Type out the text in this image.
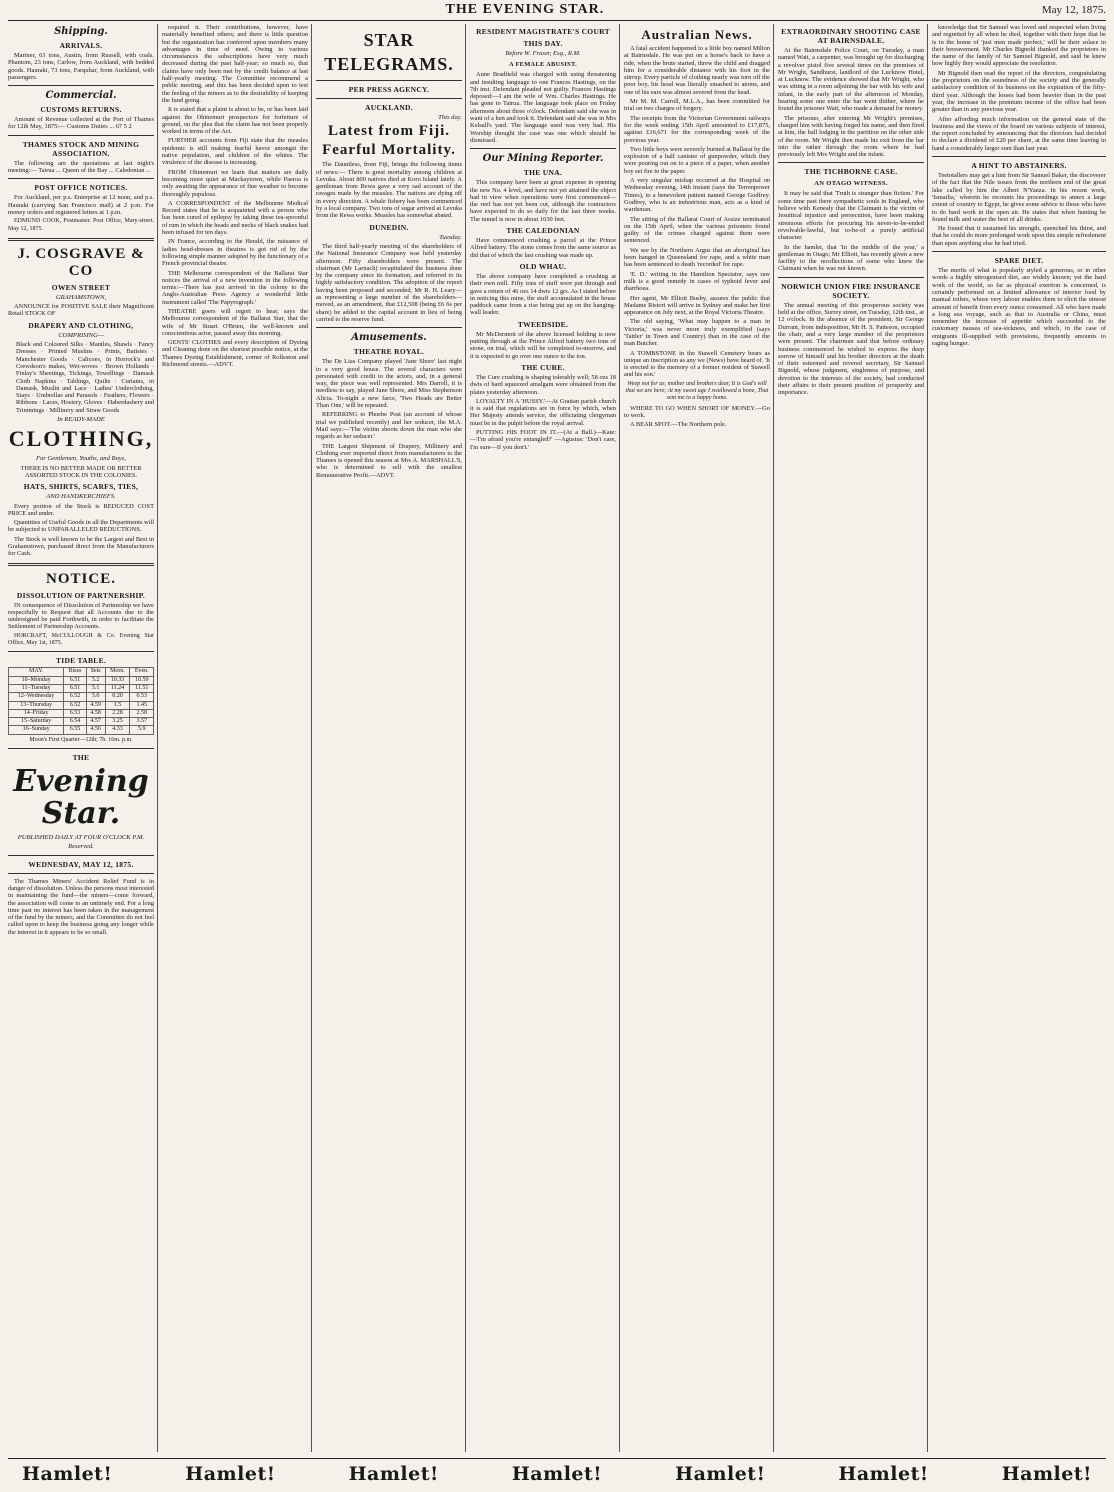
THE EVENING STAR.	May 12, 1875.
Shipping.
ARRIVALS.

Mariner, 63 tons, Austin, from Russell, with coals. Phantom, 23 tons, Carlow, from Auckland, with bedded goods. Hauraki, 73 tons, Farquhar, from Auckland, with passengers.

Commercial.
CUSTOMS RETURNS.

Amount of Revenue collected at the Port of Thames for 12th May, 1875:— Customs Duties ... 67 5 2

THAMES STOCK AND MINING ASSOCIATION.

The following are the quotations at last night's meeting:— Tairua ... Queen of the Bay ... Caledonian ...

POST OFFICE NOTICES.

For Auckland, per p.s. Enterprise at 12 noon, and p.s. Hauraki (carrying San Francisco mail) at 2 p.m. For money orders and registered letters at 1 p.m.

EDMUND COOK, Postmaster. Post Office, Mary-street. May 12, 1875.

J. COSGRAVE & CO
OWEN STREET
GRAHAMSTOWN,

ANNOUNCE for POSITIVE SALE their Magnificent Retail STOCK OF

DRAPERY AND CLOTHING,
COMPRISING—

Black and Coloured Silks · Mantles, Shawls · Fancy Dresses · Printed Muslins · Prints, Batistes · Manchester Goods · Calicoes, in Horrock's and Crewdson's makes, Wet-woves · Brown Hollands · Finlay's Sheetings, Tickings, Towellings · Damask Cloth Napkins · Tablings, Quilts · Curtains, in Damask, Muslin and Lace · Ladies' Underclothing, Stays · Umbrellas and Parasols · Feathers, Flowers · Ribbons · Laces, Hosiery, Gloves · Haberdashery and Trimmings · Millinery and Straw Goods

In READY-MADE
CLOTHING,
For Gentlemen, Youths, and Boys,

THERE IS NO BETTER MADE OR BETTER ASSORTED STOCK IN THE COLONIES.

HATS, SHIRTS, SCARFS, TIES,
AND HANDKERCHIEFS.

Every portion of the Stock is REDUCED COST PRICE and under.

Quantities of Useful Goods in all the Departments will be subjected to UNPARALLELED REDUCTIONS.

The Stock is well known to be the Largest and Best in Grahamstown, purchased direct from the Manufacturers for Cash.

NOTICE.
DISSOLUTION OF PARTNERSHIP.

IN consequence of Dissolution of Partnership we have respectfully to Request that all Accounts due to the undersigned be paid Forthwith, in order to facilitate the Settlement of Partnership Accounts.

HORCRAFT, McCULLOUGH & Co. Evening Star Office, May 1st, 1875.

TIDE TABLE.
MAY.	Rises	Sets	Morn.	Even.
10–Monday	6.51	5.2	10.33	10.59
11–Tuesday	6.51	5.1	11.24	11.51
12–Wednesday	6.52	5.0	0.20	0.53
13–Thursday	6.52	4.59	1.5	1.45
14–Friday	6.53	4.58	2.28	2.58
15–Saturday	6.54	4.57	3.25	3.57
16–Sunday	6.55	4.56	4.33	5.9

Moon's First Quarter—12th; 7h. 16m. p.m.

THE
Evening Star.
PUBLISHED DAILY AT FOUR O'CLOCK P.M.
Reserved.
WEDNESDAY, MAY 12, 1875.

The Thames Miners' Accident Relief Fund is in danger of dissolution. Unless the persons most interested in maintaining the fund—the miners—come forward, the association will come to an untimely end. For a long time past no interest has been taken in the management of the fund by the miners, and the Committee do not feel called upon to keep the business going any longer while the interest in it appears to be so small.

required it. Their contributions, however, have materially benefited others; and there is little question but the organization has conferred upon members many advantages in time of need. Owing to various circumstances the subscriptions have very much decreased during the past half-year; so much so, that claims have only been met by the credit balance at last half-yearly meeting. The Committee recommend a public meeting, and this has been decided upon to test the feeling of the miners as to the desirability of keeping the fund going.

It is stated that a plaint is about to be, or has been laid against the Ohinemuri prospectors for forfeiture of ground, on the plea that the claim has not been properly worked in terms of the Act.

FURTHER accounts from Fiji state that the measles epidemic is still making fearful havoc amongst the native population, and children of the whites. The virulence of the disease is increasing.

FROM Ohinemuri we learn that matters are daily becoming more quiet at Mackaytown, while Paeroa is only awaiting the appearance of fine weather to become thoroughly populous.

A CORRESPONDENT of the Melbourne Medical Record states that he is acquainted with a person who has been cured of epilepsy by taking these tea-spoonful of rum in which the heads and necks of black snakes had been infused for ten days.

IN France, according to the Herald, the nuisance of ladies head-dresses in theatres is got rid of by the following simple manner adopted by the functionary of a French provincial theatre.

THE Melbourne correspondent of the Ballarat Star notices the arrival of a new invention in the following terms:—There has just arrived in the colony to the Anglo-Australian Press Agency a wonderful little instrument called 'The Papyrograph.'

THEATRE goers will regret to hear, says the Melbourne correspondent of the Ballarat Star, that the wife of Mr Stuart O'Brien, the well-known and conscientious actor, passed away this morning.

GENTS' CLOTHES and every description of Dyeing and Cleaning done on the shortest possible notice, at the Thames Dyeing Establishment, corner of Rolleston and Richmond streets.—ADVT.

STAR TELEGRAMS.
PER PRESS AGENCY.
AUCKLAND.
This day.
Latest from Fiji.
Fearful Mortality.

The Dauntless, from Fiji, brings the following items of news:— There is great mortality among children at Levuka. About 800 natives died at Koro Island lately. A gentleman from Rewa gave a very sad account of the ravages made by the measles. The natives are dying off in every direction. A whale fishery has been commenced by a local company. Two tons of sugar arrived at Levuka from the Rewa works. Measles has somewhat abated.

DUNEDIN.
Tuesday.

The third half-yearly meeting of the shareholders of the National Insurance Company was held yesterday afternoon. Fifty shareholders were present. The chairman (Mr Larnach) recapitulated the business done by the company since its formation, and referred to its highly satisfactory condition. The adoption of the report having been proposed and seconded, Mr R. H. Leary—as representing a large number of the shareholders—moved, as an amendment, that £12,508 (being £6 6s per share) be added to the capital account in lieu of being carried to the reserve fund.

Amusements.
THEATRE ROYAL.

The De Lias Company played 'Jane Shore' last night to a very good house. The several characters were personated with credit to the actors, and, in a general way, the piece was well represented. Mrs Darrell, it is needless to say, played Jane Shore, and Miss Stephenson Alicia. To-night a new farce, 'Two Heads are Better Than One,' will be repeated.

REFERRING to Phoebe Post (an account of whose trial we published recently) and her seducer, the M.A. Mail says:—'The victim shoots down the man who she regards as her seducer.'

THE Largest Shipment of Drapery, Millinery and Clothing ever imported direct from manufacturers to the Thames is opened this season at Mrs A. MARSHALL'S, who is determined to sell with the smallest Remunerative Profit.—ADVT.

RESIDENT MAGISTRATE'S COURT
THIS DAY.
Before W. Fraser, Esq., R.M.
A FEMALE ABUSIST.

Anne Bradfield was charged with using threatening and insulting language to one Frances Hastings, on the 7th inst. Defendant pleaded not guilty. Frances Hastings deposed:—I am the wife of Wm. Charles Hastings. He has gone to Tairua. The language took place on Friday afternoon about three o'clock. Defendant said she was in want of a hen and took it. Defendant said she was in Mrs Kelsall's yard. The language used was very bad. His Worship thought the case was one which should be dismissed.

Our Mining Reporter.
THE UNA.

This company have been at great expense in opening the new No. 4 level, and have not yet attained the object had in view when operations were first commenced—the reef has not yet been cut, although the contractors have expected to do so daily for the last three weeks. The tunnel is now in about 1030 feet.

THE CALEDONIAN

Have commenced crushing a parcel at the Prince Alfred battery. The stone comes from the same source as did that of which the last crushing was made up.

OLD WHAU.

The above company have completed a crushing at their own mill. Fifty tons of stuff were put through and gave a return of 46 ozs 14 dwts 12 grs. As I stated before in noticing this mine, the stuff accumulated in the house paddock came from a rise being put up on the hanging-wall leader.

TWEEDSIDE.

Mr McDermott of the above licensed holding is now putting through at the Prince Alfred battery two tons of stone, on trial, which will be completed to-morrow, and it is expected to go over one ounce to the ton.

THE CURE.

The Cure crushing is shaping tolerably well; 58 ozs 18 dwts of hard squeezed amalgam were obtained from the plates yesterday afternoon.

LOYALTY IN A 'HUSSY.'—At Grattan parish church it is said that regulations are in force by which, when Her Majesty attends service, the officiating clergyman must be in the pulpit before the royal arrival.

PUTTING HIS FOOT IN IT.—(At a Ball.)—Kate:—'I'm afraid you're entangled?' —Agustus: 'Don't care, I'm sure—If you don't.'

Australian News.

A fatal accident happened to a little boy named Milton at Bairnsdale. He was put on a horse's back to have a ride, when the brute started, threw the child and dragged him for a considerable distance with his foot in the stirrup. Every particle of clothing nearly was torn off the poor boy, his head was literally smashed to atoms, and one of his ears was almost severed from the head.

Mr M. M. Carroll, M.L.A., has been committed for trial on two charges of forgery.

The receipts from the Victorian Government railways for the week ending 15th April amounted to £17,875, against £16,671 for the corresponding week of the previous year.

Two little boys were severely burned at Ballarat by the explosion of a half canister of gunpowder, which they were pouring out on to a piece of a paper, when another boy set fire to the paper.

A very singular mishap occurred at the Hospital on Wednesday evening, 14th instant (says the Terrenpower Times), to a benevolent patient named George Godfrey. Godfrey, who is an industrious man, acts as a kind of wardsman.

The sitting of the Ballarat Court of Assize terminated on the 15th April, when the various prisoners found guilty of the crimes charged against them were sentenced.

We see by the Northern Argus that an aboriginal has been hanged in Queensland for rape, and a white man has been sentenced to death 'recorded' for rape.

'E. D.' writing in the Hamilton Spectator, says raw milk is a good remedy in cases of typhoid fever and diarrhoea.

Her agent, Mr Elliott Busby, assures the public that Madame Ristori will arrive in Sydney and make her first appearance on July next, at the Royal Victoria Theatre.

The old saying, 'What may happen to a man in Victoria,' was never more truly exemplified (says 'Tattler' in Town and Country) than in the case of the man Butcher.

A TOMBSTONE in the Stawell Cemetery bears as unique an inscription as any we (News) have heard of. 'It is erected to the memory of a former resident of Stawell and his son.'

Weep not for us, mother and brothers dear, It is God's will that we are here; At my sweet age I swallowed a bone, That sent me to a happy home.

WHERE TO GO WHEN SHORT OF MONEY.—Go to work.

A BEAR SPOT.—The Northern pole.

EXTRAORDINARY SHOOTING CASE AT BAIRNSDALE.

At the Bairnsdale Police Court, on Tuesday, a man named Watt, a carpenter, was brought up for discharging a revolver pistol five several times on the premises of Mr Wright, Sandhurst, landlord of the Lucknow Hotel, at Lucknow. The evidence showed that Mr Wright, who was sitting in a room adjoining the bar with his wife and infant, in the early part of the afternoon of Monday, hearing some one enter the bar went thither, where he found the prisoner Watt, who made a demand for money.

The prisoner, after entering Mr Wright's premises, charged him with having forged his name, and then fired at him, the ball lodging in the partition on the other side of the room. Mr Wright then made his exit from the bar into the rather through the room where he had previously left Mrs Wright and the infant.

THE TICHBORNE CASE.
AN OTAGO WITNESS.

It may be said that 'Truth is stranger than fiction.' For some time past there sympathetic souls in England, who believe with Kenealy that the Claimant is the victim of Jesuitical injustice and persecution, have been making strenuous efforts for procuring his never-to-be-ended revolvable-lawful, but to-be-of a purely artificial character.

In the hamlet, that 'In the middle of the year,' a gentleman in Otago; Mr Elliott, has recently given a new facility to the recollections of some who knew the Claimant when he was not known.

NORWICH UNION FIRE INSURANCE SOCIETY.

The annual meeting of this prosperous society was held at the office, Surrey street, on Tuesday, 12th inst., at 12 o'clock. In the absence of the president, Sir George Durrant, from indisposition, Mr H. S. Patteson, occupied the chair, and a very large number of the proprietors were present. The chairman said that before ordinary business commenced he wished to express the deep sorrow of himself and his brother directors at the death of their esteemed and revered secretary, Sir Samuel Bignold, whose judgment, singleness of purpose, and devotion to the interests of the society, had conducted their affairs to their present position of prosperity and importance.

knowledge that Sir Samuel was loved and respected when living and regretted by all when he died, together with their hope that he is in the home of 'just men made perfect,' will be their solace in their bereavement. Mr Charles Bignold thanked the proprietors in the name of the family of Sir Samuel Bignold, and said he knew how highly they would appreciate the resolution.

Mr Bignold then read the report of the directors, congratulating the proprietors on the soundness of the society and the generally satisfactory condition of its business on the expiration of the fifty-third year. Although the losses had been heavier than in the past year, the increase in the premium income of the office had been greater than in any previous year.

After affording much information on the general state of the business and the views of the board on various subjects of interest, the report concluded by announcing that the directors had decided to declare a dividend of £20 per share, at the same time leaving in hand a considerably larger sum than last year.

A HINT TO ABSTAINERS.

Teetotallers may get a hint from Sir Samuel Baker, the discoverer of the fact that the Nile issues from the northern end of the great lake called by him the Albert N'Yanza. In his recent work, 'Ismailia,' wherein he recounts his proceedings to annex a large extent of country to Egypt, he gives some advice to those who have to do hard work in the open air. He states that when hunting he found milk and water the best of all drinks.

He found that it sustained his strength, quenched his thirst, and that he could do more prolonged work upon this simple refreshment than upon anything else he had tried.

SPARE DIET.

The merits of what is popularly styled a generous, or in other words a highly nitrogenised diet, are widely known; yet the hard work of the world, so far as physical exertion is concerned, is certainly performed on a limited allowance of interior food by manual toilers, whose very labour enables them to elicit the utmost amount of benefit from every ounce consumed. All who have made a long sea voyage, such as that to Australia or China, must remember the increase of appetite which succeeded to the customary nausea of sea-sickness, and which, in the case of emigrants ill-supplied with provisions, frequently amounts to raging hunger.

Hamlet!	Hamlet!	Hamlet!	Hamlet!	Hamlet!	Hamlet!	Hamlet!
